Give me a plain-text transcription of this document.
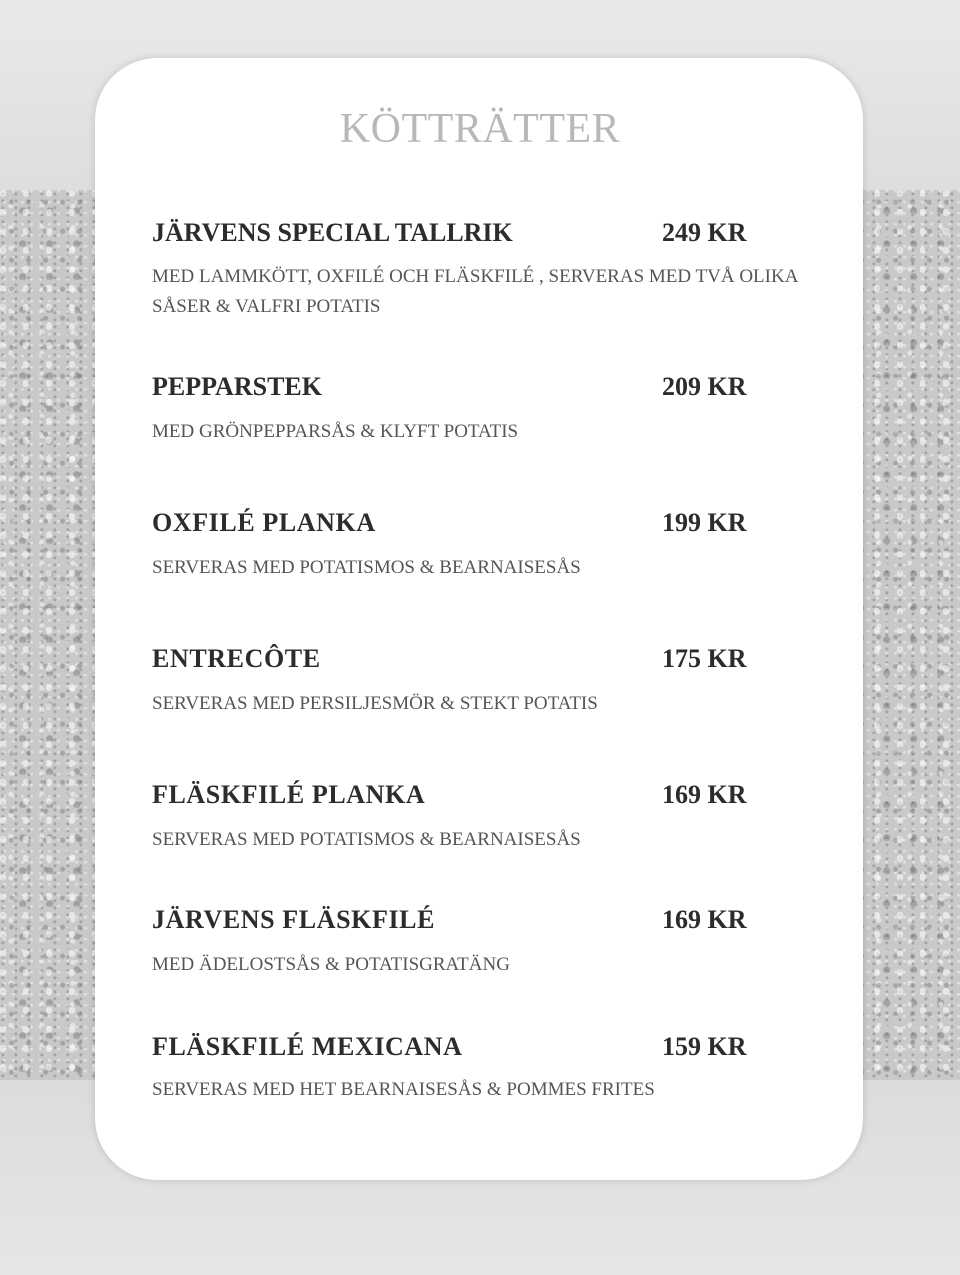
KÖTTRÄTTER
JÄRVENS SPECIAL TALLRIK	249 KR
MED LAMMKÖTT, OXFILÉ OCH FLÄSKFILÉ , SERVERAS MED TVÅ OLIKA SÅSER & VALFRI POTATIS
PEPPARSTEK	209 KR
MED GRÖNPEPPARSÅS & KLYFT POTATIS
OXFILÉ PLANKA	199 KR
SERVERAS MED POTATISMOS & BEARNAISESÅS
ENTRECÔTE	175 KR
SERVERAS MED PERSILJESMÖR & STEKT POTATIS
FLÄSKFILÉ PLANKA	169 KR
SERVERAS MED POTATISMOS & BEARNAISESÅS
JÄRVENS FLÄSKFILÉ	169 KR
MED ÄDELOSTSÅS & POTATISGRATÄNG
FLÄSKFILÉ MEXICANA	159 KR
SERVERAS MED HET BEARNAISESÅS & POMMES FRITES
